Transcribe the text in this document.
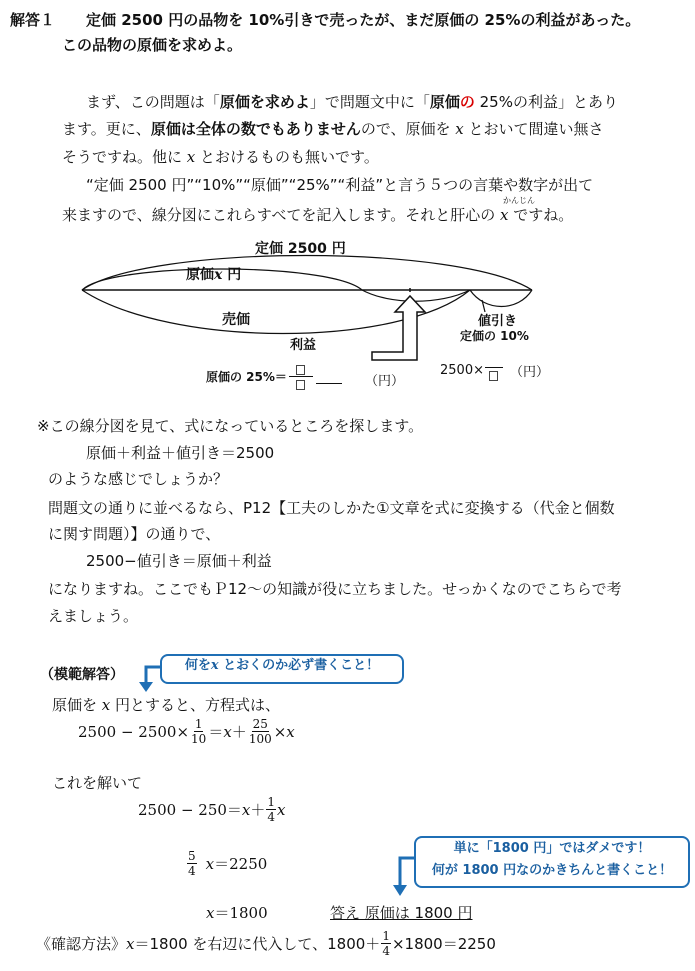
解答１ 定価 2500 円の品物を 10%引きで売ったが、まだ原価の 25%の利益があった。
この品物の原価を求めよ。
まず、この問題は「原価を求めよ」で問題文中に「原価の 25%の利益」とあり
ます。更に、原価は全体の数でもありませんので、原価を x とおいて間違い無さ
そうですね。他に x とおけるものも無いです。
“定価 2500 円”“10%”“原価”“25%”“利益”と言う５つの言葉や数字が出て
かんじん
来ますので、線分図にこれらすべてを記入します。それと肝心の x ですね。
定価 2500 円
原価x 円
売価
利益
値引き
定価の 10%
原価の 25%＝	（円）
2500× （円）
※この線分図を見て、式になっているところを探します。
原価＋利益＋値引き＝2500
のような感じでしょうか？
問題文の通りに並べるなら、P12【工夫のしかた①文章を式に変換する（代金と個数
に関す問題）】の通りで、
2500−値引き＝原価＋利益
になりますね。ここでもＰ12〜の知識が役に立ちました。せっかくなのでこちらで考
えましょう。
（模範解答）
何をx とおくのか必ず書くこと！
原価を x 円とすると、方程式は、
$2500 - 2500\times \frac{1}{10} = x + \frac{25}{100} \times x$
これを解いて
$2500 - 250= x + \frac{1}{4}$ x
$\frac{5}{4}$ x ＝2250
x＝1800	答え 原価は 1800 円
単に「1800 円」ではダメです！
何が 1800 円なのかきちんと書くこと！
《確認方法》 x ＝1800 を右辺に代入して、$1800+ \frac{1}{4} \times 1800=2250$
